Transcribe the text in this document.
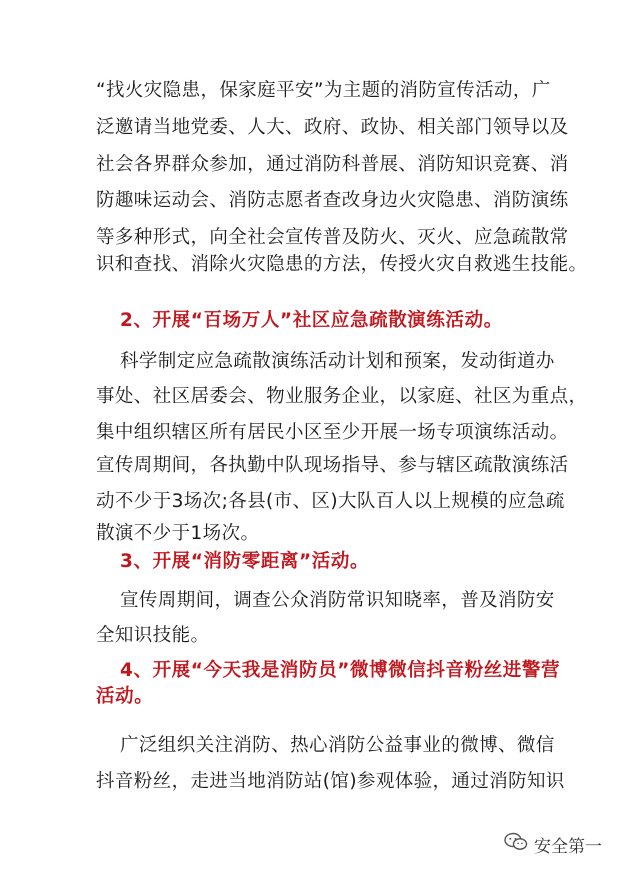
“找火灾隐患，保家庭平安”为主题的消防宣传活动，广
泛邀请当地党委、人大、政府、政协、相关部门领导以及
社会各界群众参加，通过消防科普展、消防知识竞赛、消
防趣味运动会、消防志愿者查改身边火灾隐患、消防演练
等多种形式，向全社会宣传普及防火、灭火、应急疏散常
识和查找、消除火灾隐患的方法，传授火灾自救逃生技能。
2、开展“百场万人”社区应急疏散演练活动。
科学制定应急疏散演练活动计划和预案，发动街道办
事处、社区居委会、物业服务企业，以家庭、社区为重点，
集中组织辖区所有居民小区至少开展一场专项演练活动。
宣传周期间，各执勤中队现场指导、参与辖区疏散演练活
动不少于3场次;各县(市、区)大队百人以上规模的应急疏
散演不少于1场次。
3、开展“消防零距离”活动。
宣传周期间，调查公众消防常识知晓率，普及消防安
全知识技能。
4、开展“今天我是消防员”微博微信抖音粉丝进警营
活动。
广泛组织关注消防、热心消防公益事业的微博、微信
抖音粉丝，走进当地消防站(馆)参观体验，通过消防知识
安全第一
